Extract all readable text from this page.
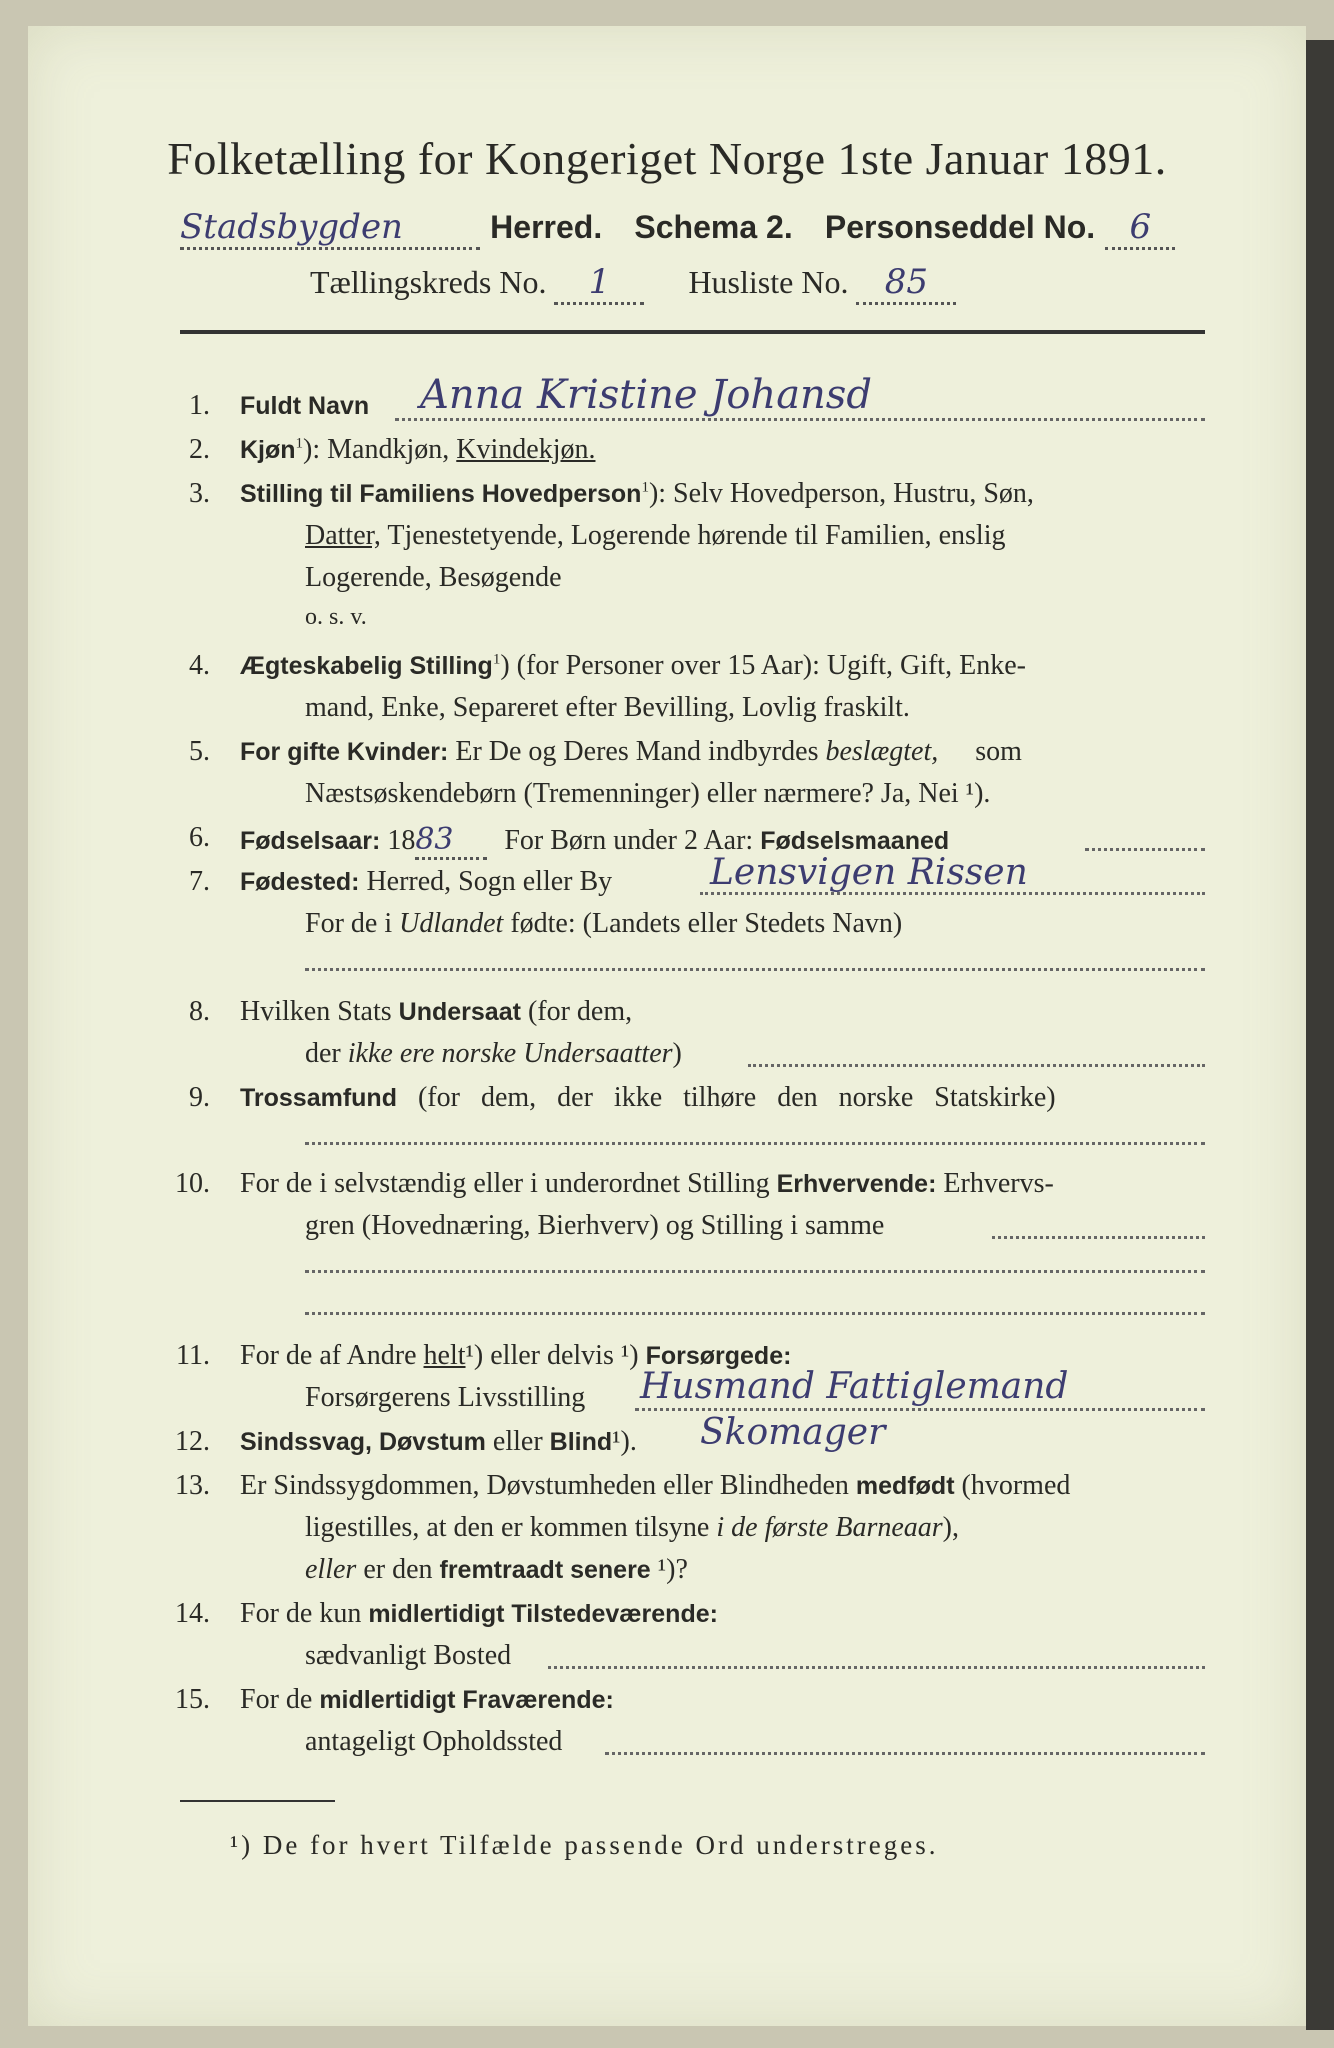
Folketælling for Kongeriget Norge 1ste Januar 1891.
Stadsbygden	Herred. Schema 2. Personseddel No. 6
Tællingskreds No. 1 Husliste No. 85
1. Fuldt Navn Anna Kristine Johansd
2. Kjøn$^1$): Mandkjøn, Kvindekjøn.
3. Stilling til Familiens Hovedperson$^1$): Selv Hovedperson, Hustru, Søn,
Datter, Tjenestetyende, Logerende hørende til Familien, enslig
Logerende, Besøgende
o. s. v.
4. Ægteskabelig Stilling$^1$) (for Personer over 15 Aar): Ugift, Gift, Enke-
mand, Enke, Separeret efter Bevilling, Lovlig fraskilt.
5. For gifte Kvinder: Er De og Deres Mand indbyrdes beslægtet, som
Næstsøskendebørn (Tremenninger) eller nærmere? Ja, Nei ¹).
6. Fødselsaar: 1883 For Børn under 2 Aar: Fødselsmaaned
7. Fødested: Herred, Sogn eller By	Lensvigen Rissen
For de i Udlandet fødte: (Landets eller Stedets Navn)
8. Hvilken Stats Undersaat (for dem,
der ikke ere norske Undersaatter)
9. Trossamfund (for dem, der ikke tilhøre den norske Statskirke)
10. For de i selvstændig eller i underordnet Stilling Erhvervende: Erhvervs-
gren (Hovednæring, Bierhverv) og Stilling i samme
11. For de af Andre helt¹) eller delvis ¹) Forsørgede:
Forsørgerens Livsstilling Husmand Fattiglemand
12. Sindssvag, Døvstum eller Blind¹). Skomager
13. Er Sindssygdommen, Døvstumheden eller Blindheden medfødt (hvormed
ligestilles, at den er kommen tilsyne i de første Barneaar),
eller er den fremtraadt senere ¹)?
14. For de kun midlertidigt Tilstedeværende:
sædvanligt Bosted
15. For de midlertidigt Fraværende:
antageligt Opholdssted
¹) De for hvert Tilfælde passende Ord understreges.
